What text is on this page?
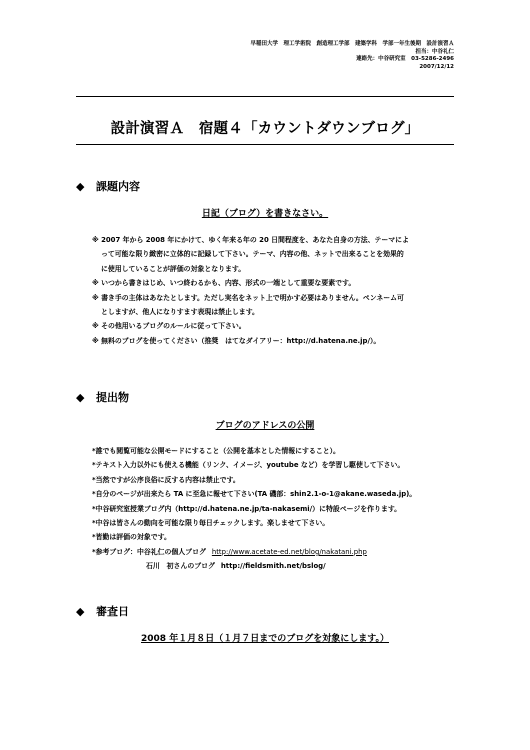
早稲田大学　理工学術院　創造理工学部　建築学科　学部一年生後期　設計演習Ａ
担当：中谷礼仁
連絡先：中谷研究室　03-5286-2496
2007/12/12
設計演習Ａ　宿題４「カウントダウンブログ」
◆ 課題内容
日記（ブログ）を書きなさい。
※ 2007 年から 2008 年にかけて、ゆく年来る年の 20 日間程度を、あなた自身の方法、テーマによ
って可能な限り緻密に立体的に記録して下さい。テーマ、内容の他、ネットで出来ることを効果的
に使用していることが評価の対象となります。
※ いつから書きはじめ、いつ終わるかも、内容、形式の一端として重要な要素です。
※ 書き手の主体はあなたとします。ただし実名をネット上で明かす必要はありません。ペンネーム可
としますが、他人になりすます表現は禁止します。
※ その他用いるブログのルールに従って下さい。
※ 無料のブログを使ってください（推奨　はてなダイアリー：http://d.hatena.ne.jp/）。
◆ 提出物
ブログのアドレスの公開
*誰でも閲覧可能な公開モードにすること（公開を基本とした情報にすること）。
*テキスト入力以外にも使える機能（リンク、イメージ、youtube など）を学習し駆使して下さい。
*当然ですが公序良俗に反する内容は禁止です。
*自分のページが出来たら TA に至急に報せて下さい(TA 磯部：shin2.1-o-1@akane.waseda.jp)。
*中谷研究室授業ブログ内（http://d.hatena.ne.jp/ta-nakasemi/）に特設ページを作ります。
*中谷は皆さんの動向を可能な限り毎日チェックします。楽しませて下さい。
*皆勤は評価の対象です。
*参考ブログ：中谷礼仁の個人ブログ http://www.acetate-ed.net/blog/nakatani.php
石川　初さんのブログ http://fieldsmith.net/bslog/
◆ 審査日
2008 年１月８日（１月７日までのブログを対象にします。）
